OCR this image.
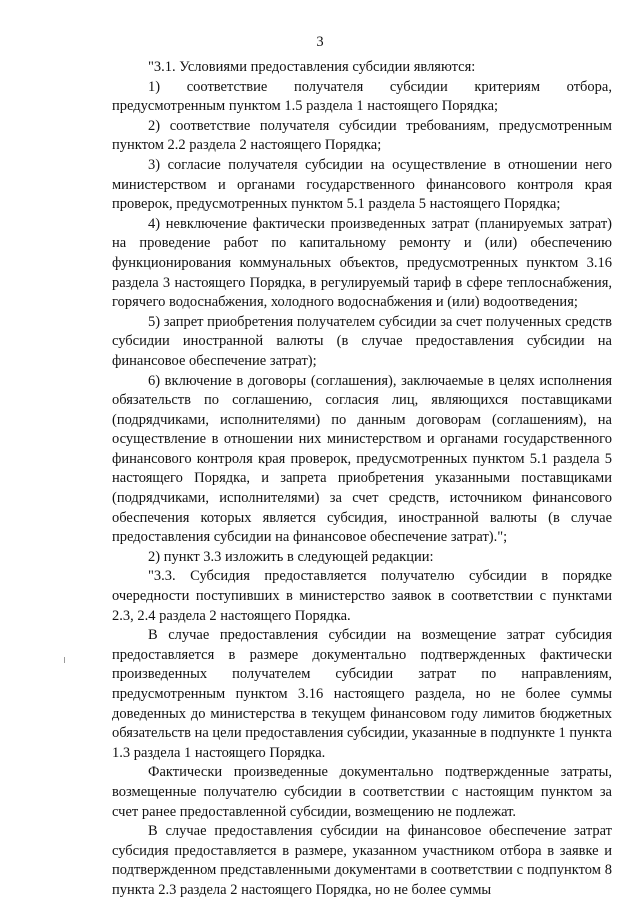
3

"3.1. Условиями предоставления субсидии являются:

1) соответствие получателя субсидии критериям отбора, предусмотренным пунктом 1.5 раздела 1 настоящего Порядка;

2) соответствие получателя субсидии требованиям, предусмотренным пунктом 2.2 раздела 2 настоящего Порядка;

3) согласие получателя субсидии на осуществление в отношении него министерством и органами государственного финансового контроля края проверок, предусмотренных пунктом 5.1 раздела 5 настоящего Порядка;

4) невключение фактически произведенных затрат (планируемых затрат) на проведение работ по капитальному ремонту и (или) обеспечению функционирования коммунальных объектов, предусмотренных пунктом 3.16 раздела 3 настоящего Порядка, в регулируемый тариф в сфере теплоснабжения, горячего водоснабжения, холодного водоснабжения и (или) водоотведения;

5) запрет приобретения получателем субсидии за счет полученных средств субсидии иностранной валюты (в случае предоставления субсидии на финансовое обеспечение затрат);

6) включение в договоры (соглашения), заключаемые в целях исполнения обязательств по соглашению, согласия лиц, являющихся поставщиками (подрядчиками, исполнителями) по данным договорам (соглашениям), на осуществление в отношении них министерством и органами государственного финансового контроля края проверок, предусмотренных пунктом 5.1 раздела 5 настоящего Порядка, и запрета приобретения указанными поставщиками (подрядчиками, исполнителями) за счет средств, источником финансового обеспечения которых является субсидия, иностранной валюты (в случае предоставления субсидии на финансовое обеспечение затрат).";

2) пункт 3.3 изложить в следующей редакции:

"3.3. Субсидия предоставляется получателю субсидии в порядке очередности поступивших в министерство заявок в соответствии с пунктами 2.3, 2.4 раздела 2 настоящего Порядка.

В случае предоставления субсидии на возмещение затрат субсидия предоставляется в размере документально подтвержденных фактически произведенных получателем субсидии затрат по направлениям, предусмотренным пунктом 3.16 настоящего раздела, но не более суммы доведенных до министерства в текущем финансовом году лимитов бюджетных обязательств на цели предоставления субсидии, указанные в подпункте 1 пункта 1.3 раздела 1 настоящего Порядка.

Фактически произведенные документально подтвержденные затраты, возмещенные получателю субсидии в соответствии с настоящим пунктом за счет ранее предоставленной субсидии, возмещению не подлежат.

В случае предоставления субсидии на финансовое обеспечение затрат субсидия предоставляется в размере, указанном участником отбора в заявке и подтвержденном представленными документами в соответствии с подпунктом 8 пункта 2.3 раздела 2 настоящего Порядка, но не более суммы
